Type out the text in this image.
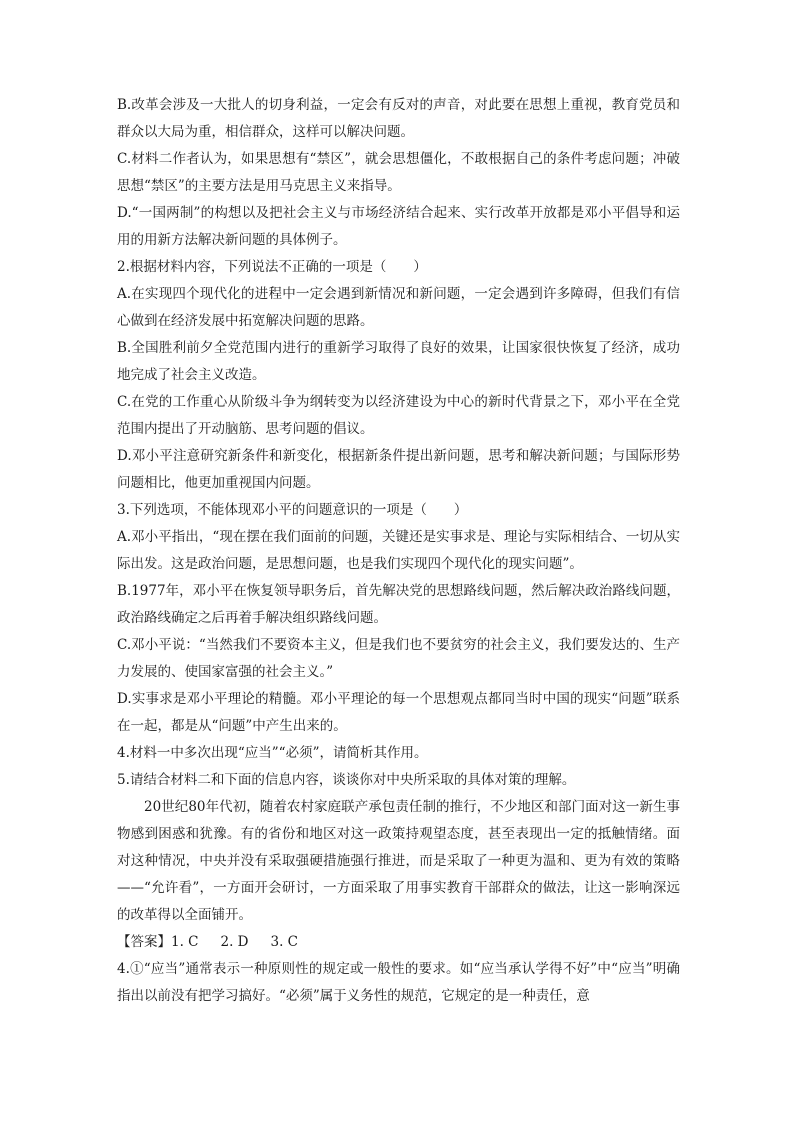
B.改革会涉及一大批人的切身利益，一定会有反对的声音，对此要在思想上重视，教育党员和群众以大局为重，相信群众，这样可以解决问题。

C.材料二作者认为，如果思想有“禁区”，就会思想僵化，不敢根据自己的条件考虑问题；冲破思想“禁区”的主要方法是用马克思主义来指导。

D.“一国两制”的构想以及把社会主义与市场经济结合起来、实行改革开放都是邓小平倡导和运用的用新方法解决新问题的具体例子。

2.根据材料内容，下列说法不正确的一项是（　　）

A.在实现四个现代化的进程中一定会遇到新情况和新问题，一定会遇到许多障碍，但我们有信心做到在经济发展中拓宽解决问题的思路。

B.全国胜利前夕全党范围内进行的重新学习取得了良好的效果，让国家很快恢复了经济，成功地完成了社会主义改造。

C.在党的工作重心从阶级斗争为纲转变为以经济建设为中心的新时代背景之下，邓小平在全党范围内提出了开动脑筋、思考问题的倡议。

D.邓小平注意研究新条件和新变化，根据新条件提出新问题，思考和解决新问题；与国际形势问题相比，他更加重视国内问题。

3.下列选项，不能体现邓小平的问题意识的一项是（　　）

A.邓小平指出，“现在摆在我们面前的问题，关键还是实事求是、理论与实际相结合、一切从实际出发。这是政治问题，是思想问题，也是我们实现四个现代化的现实问题”。

B.1977年，邓小平在恢复领导职务后，首先解决党的思想路线问题，然后解决政治路线问题，政治路线确定之后再着手解决组织路线问题。

C.邓小平说：“当然我们不要资本主义，但是我们也不要贫穷的社会主义，我们要发达的、生产力发展的、使国家富强的社会主义。”

D.实事求是邓小平理论的精髓。邓小平理论的每一个思想观点都同当时中国的现实“问题”联系在一起，都是从“问题”中产生出来的。

4.材料一中多次出现“应当”“必须”，请简析其作用。

5.请结合材料二和下面的信息内容，谈谈你对中央所采取的具体对策的理解。

20世纪80年代初，随着农村家庭联产承包责任制的推行，不少地区和部门面对这一新生事物感到困惑和犹豫。有的省份和地区对这一政策持观望态度，甚至表现出一定的抵触情绪。面对这种情况，中央并没有采取强硬措施强行推进，而是采取了一种更为温和、更为有效的策略——“允许看”，一方面开会研讨，一方面采取了用事实教育干部群众的做法，让这一影响深远的改革得以全面铺开。

【答案】1. C 2. D 3. C

4.①“应当”通常表示一种原则性的规定或一般性的要求。如“应当承认学得不好”中“应当”明确指出以前没有把学习搞好。“必须”属于义务性的规范，它规定的是一种责任，意
